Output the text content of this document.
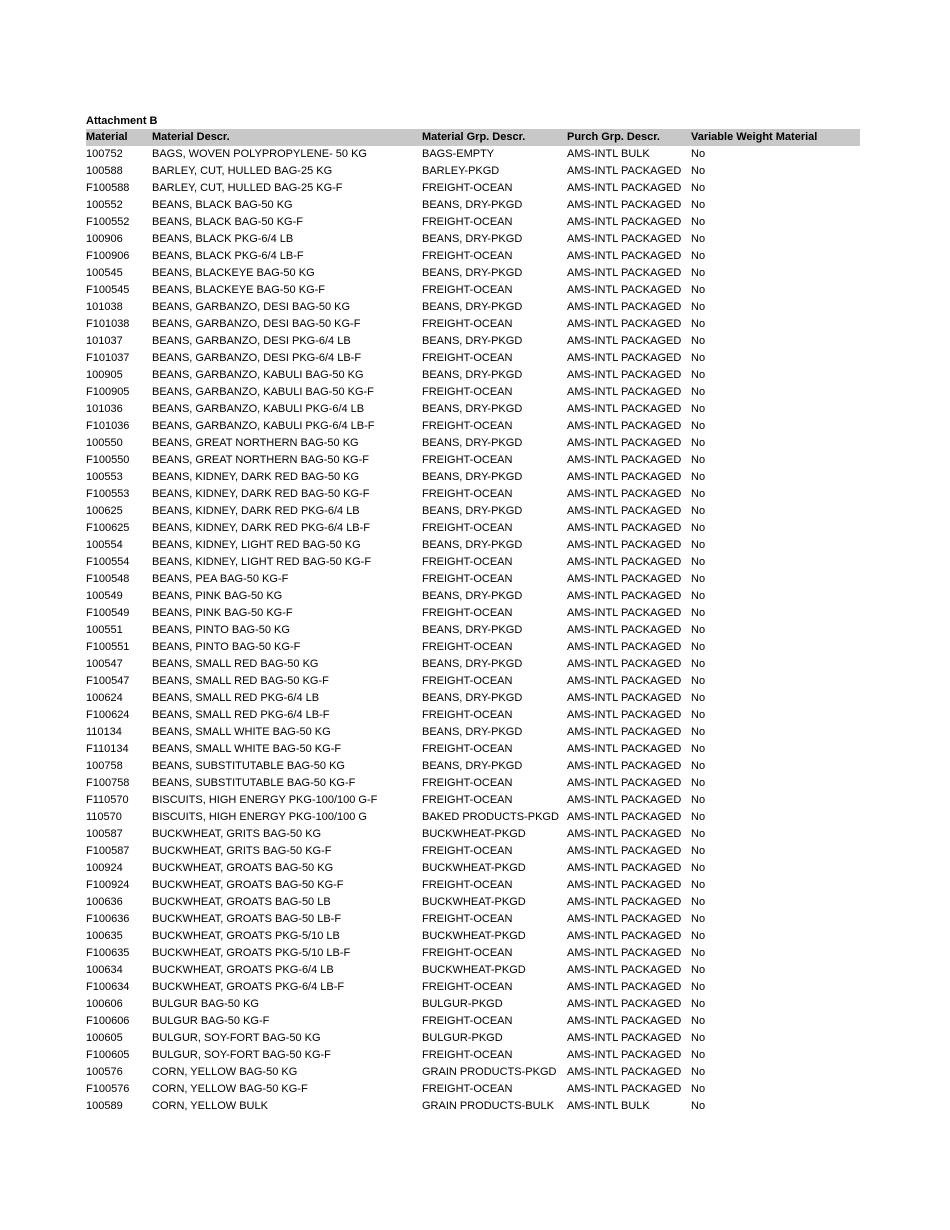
Attachment B
Material	Material Descr.	Material Grp. Descr.	Purch Grp. Descr.	Variable Weight Material
100752	BAGS, WOVEN POLYPROPYLENE- 50 KG	BAGS-EMPTY	AMS-INTL BULK	No
100588	BARLEY, CUT, HULLED BAG-25 KG	BARLEY-PKGD	AMS-INTL PACKAGED	No
F100588	BARLEY, CUT, HULLED BAG-25 KG-F	FREIGHT-OCEAN	AMS-INTL PACKAGED	No
100552	BEANS, BLACK BAG-50 KG	BEANS, DRY-PKGD	AMS-INTL PACKAGED	No
F100552	BEANS, BLACK BAG-50 KG-F	FREIGHT-OCEAN	AMS-INTL PACKAGED	No
100906	BEANS, BLACK PKG-6/4 LB	BEANS, DRY-PKGD	AMS-INTL PACKAGED	No
F100906	BEANS, BLACK PKG-6/4 LB-F	FREIGHT-OCEAN	AMS-INTL PACKAGED	No
100545	BEANS, BLACKEYE BAG-50 KG	BEANS, DRY-PKGD	AMS-INTL PACKAGED	No
F100545	BEANS, BLACKEYE BAG-50 KG-F	FREIGHT-OCEAN	AMS-INTL PACKAGED	No
101038	BEANS, GARBANZO, DESI BAG-50 KG	BEANS, DRY-PKGD	AMS-INTL PACKAGED	No
F101038	BEANS, GARBANZO, DESI BAG-50 KG-F	FREIGHT-OCEAN	AMS-INTL PACKAGED	No
101037	BEANS, GARBANZO, DESI PKG-6/4 LB	BEANS, DRY-PKGD	AMS-INTL PACKAGED	No
F101037	BEANS, GARBANZO, DESI PKG-6/4 LB-F	FREIGHT-OCEAN	AMS-INTL PACKAGED	No
100905	BEANS, GARBANZO, KABULI BAG-50 KG	BEANS, DRY-PKGD	AMS-INTL PACKAGED	No
F100905	BEANS, GARBANZO, KABULI BAG-50 KG-F	FREIGHT-OCEAN	AMS-INTL PACKAGED	No
101036	BEANS, GARBANZO, KABULI PKG-6/4 LB	BEANS, DRY-PKGD	AMS-INTL PACKAGED	No
F101036	BEANS, GARBANZO, KABULI PKG-6/4 LB-F	FREIGHT-OCEAN	AMS-INTL PACKAGED	No
100550	BEANS, GREAT NORTHERN BAG-50 KG	BEANS, DRY-PKGD	AMS-INTL PACKAGED	No
F100550	BEANS, GREAT NORTHERN BAG-50 KG-F	FREIGHT-OCEAN	AMS-INTL PACKAGED	No
100553	BEANS, KIDNEY, DARK RED BAG-50 KG	BEANS, DRY-PKGD	AMS-INTL PACKAGED	No
F100553	BEANS, KIDNEY, DARK RED BAG-50 KG-F	FREIGHT-OCEAN	AMS-INTL PACKAGED	No
100625	BEANS, KIDNEY, DARK RED PKG-6/4 LB	BEANS, DRY-PKGD	AMS-INTL PACKAGED	No
F100625	BEANS, KIDNEY, DARK RED PKG-6/4 LB-F	FREIGHT-OCEAN	AMS-INTL PACKAGED	No
100554	BEANS, KIDNEY, LIGHT RED BAG-50 KG	BEANS, DRY-PKGD	AMS-INTL PACKAGED	No
F100554	BEANS, KIDNEY, LIGHT RED BAG-50 KG-F	FREIGHT-OCEAN	AMS-INTL PACKAGED	No
F100548	BEANS, PEA BAG-50 KG-F	FREIGHT-OCEAN	AMS-INTL PACKAGED	No
100549	BEANS, PINK BAG-50 KG	BEANS, DRY-PKGD	AMS-INTL PACKAGED	No
F100549	BEANS, PINK BAG-50 KG-F	FREIGHT-OCEAN	AMS-INTL PACKAGED	No
100551	BEANS, PINTO BAG-50 KG	BEANS, DRY-PKGD	AMS-INTL PACKAGED	No
F100551	BEANS, PINTO BAG-50 KG-F	FREIGHT-OCEAN	AMS-INTL PACKAGED	No
100547	BEANS, SMALL RED BAG-50 KG	BEANS, DRY-PKGD	AMS-INTL PACKAGED	No
F100547	BEANS, SMALL RED BAG-50 KG-F	FREIGHT-OCEAN	AMS-INTL PACKAGED	No
100624	BEANS, SMALL RED PKG-6/4 LB	BEANS, DRY-PKGD	AMS-INTL PACKAGED	No
F100624	BEANS, SMALL RED PKG-6/4 LB-F	FREIGHT-OCEAN	AMS-INTL PACKAGED	No
110134	BEANS, SMALL WHITE BAG-50 KG	BEANS, DRY-PKGD	AMS-INTL PACKAGED	No
F110134	BEANS, SMALL WHITE BAG-50 KG-F	FREIGHT-OCEAN	AMS-INTL PACKAGED	No
100758	BEANS, SUBSTITUTABLE BAG-50 KG	BEANS, DRY-PKGD	AMS-INTL PACKAGED	No
F100758	BEANS, SUBSTITUTABLE BAG-50 KG-F	FREIGHT-OCEAN	AMS-INTL PACKAGED	No
F110570	BISCUITS, HIGH ENERGY PKG-100/100 G-F	FREIGHT-OCEAN	AMS-INTL PACKAGED	No
110570	BISCUITS, HIGH ENERGY PKG-100/100 G	BAKED PRODUCTS-PKGD	AMS-INTL PACKAGED	No
100587	BUCKWHEAT, GRITS BAG-50 KG	BUCKWHEAT-PKGD	AMS-INTL PACKAGED	No
F100587	BUCKWHEAT, GRITS BAG-50 KG-F	FREIGHT-OCEAN	AMS-INTL PACKAGED	No
100924	BUCKWHEAT, GROATS BAG-50 KG	BUCKWHEAT-PKGD	AMS-INTL PACKAGED	No
F100924	BUCKWHEAT, GROATS BAG-50 KG-F	FREIGHT-OCEAN	AMS-INTL PACKAGED	No
100636	BUCKWHEAT, GROATS BAG-50 LB	BUCKWHEAT-PKGD	AMS-INTL PACKAGED	No
F100636	BUCKWHEAT, GROATS BAG-50 LB-F	FREIGHT-OCEAN	AMS-INTL PACKAGED	No
100635	BUCKWHEAT, GROATS PKG-5/10 LB	BUCKWHEAT-PKGD	AMS-INTL PACKAGED	No
F100635	BUCKWHEAT, GROATS PKG-5/10 LB-F	FREIGHT-OCEAN	AMS-INTL PACKAGED	No
100634	BUCKWHEAT, GROATS PKG-6/4 LB	BUCKWHEAT-PKGD	AMS-INTL PACKAGED	No
F100634	BUCKWHEAT, GROATS PKG-6/4 LB-F	FREIGHT-OCEAN	AMS-INTL PACKAGED	No
100606	BULGUR BAG-50 KG	BULGUR-PKGD	AMS-INTL PACKAGED	No
F100606	BULGUR BAG-50 KG-F	FREIGHT-OCEAN	AMS-INTL PACKAGED	No
100605	BULGUR, SOY-FORT BAG-50 KG	BULGUR-PKGD	AMS-INTL PACKAGED	No
F100605	BULGUR, SOY-FORT BAG-50 KG-F	FREIGHT-OCEAN	AMS-INTL PACKAGED	No
100576	CORN, YELLOW BAG-50 KG	GRAIN PRODUCTS-PKGD	AMS-INTL PACKAGED	No
F100576	CORN, YELLOW BAG-50 KG-F	FREIGHT-OCEAN	AMS-INTL PACKAGED	No
100589	CORN, YELLOW BULK	GRAIN PRODUCTS-BULK	AMS-INTL BULK	No
